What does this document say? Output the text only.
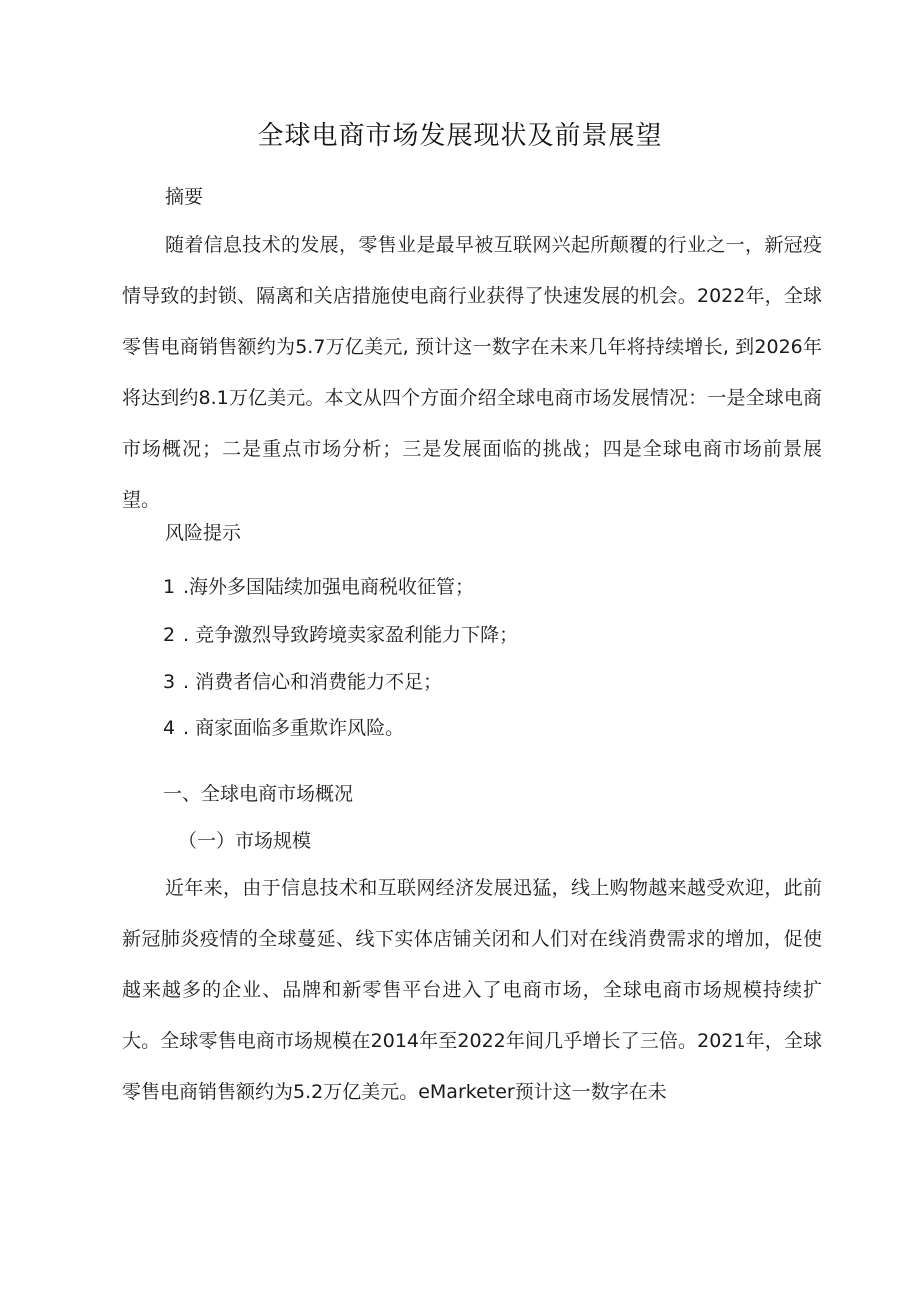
全球电商市场发展现状及前景展望
摘要
随着信息技术的发展，零售业是最早被互联网兴起所颠覆的行业之一，新冠疫情导致的封锁、隔离和关店措施使电商行业获得了快速发展的机会。2022年，全球零售电商销售额约为5.7万亿美元, 预计这一数字在未来几年将持续增长, 到2026年将达到约8.1万亿美元。本文从四个方面介绍全球电商市场发展情况：一是全球电商市场概况；二是重点市场分析；三是发展面临的挑战；四是全球电商市场前景展望。
风险提示
1 .海外多国陆续加强电商税收征管；
2 . 竞争激烈导致跨境卖家盈利能力下降；
3 . 消费者信心和消费能力不足；
4 . 商家面临多重欺诈风险。
一、全球电商市场概况
（一）市场规模
近年来，由于信息技术和互联网经济发展迅猛，线上购物越来越受欢迎，此前新冠肺炎疫情的全球蔓延、线下实体店铺关闭和人们对在线消费需求的增加，促使越来越多的企业、品牌和新零售平台进入了电商市场，全球电商市场规模持续扩大。全球零售电商市场规模在2014年至2022年间几乎增长了三倍。2021年，全球零售电商销售额约为5.2万亿美元。eMarketer预计这一数字在未
